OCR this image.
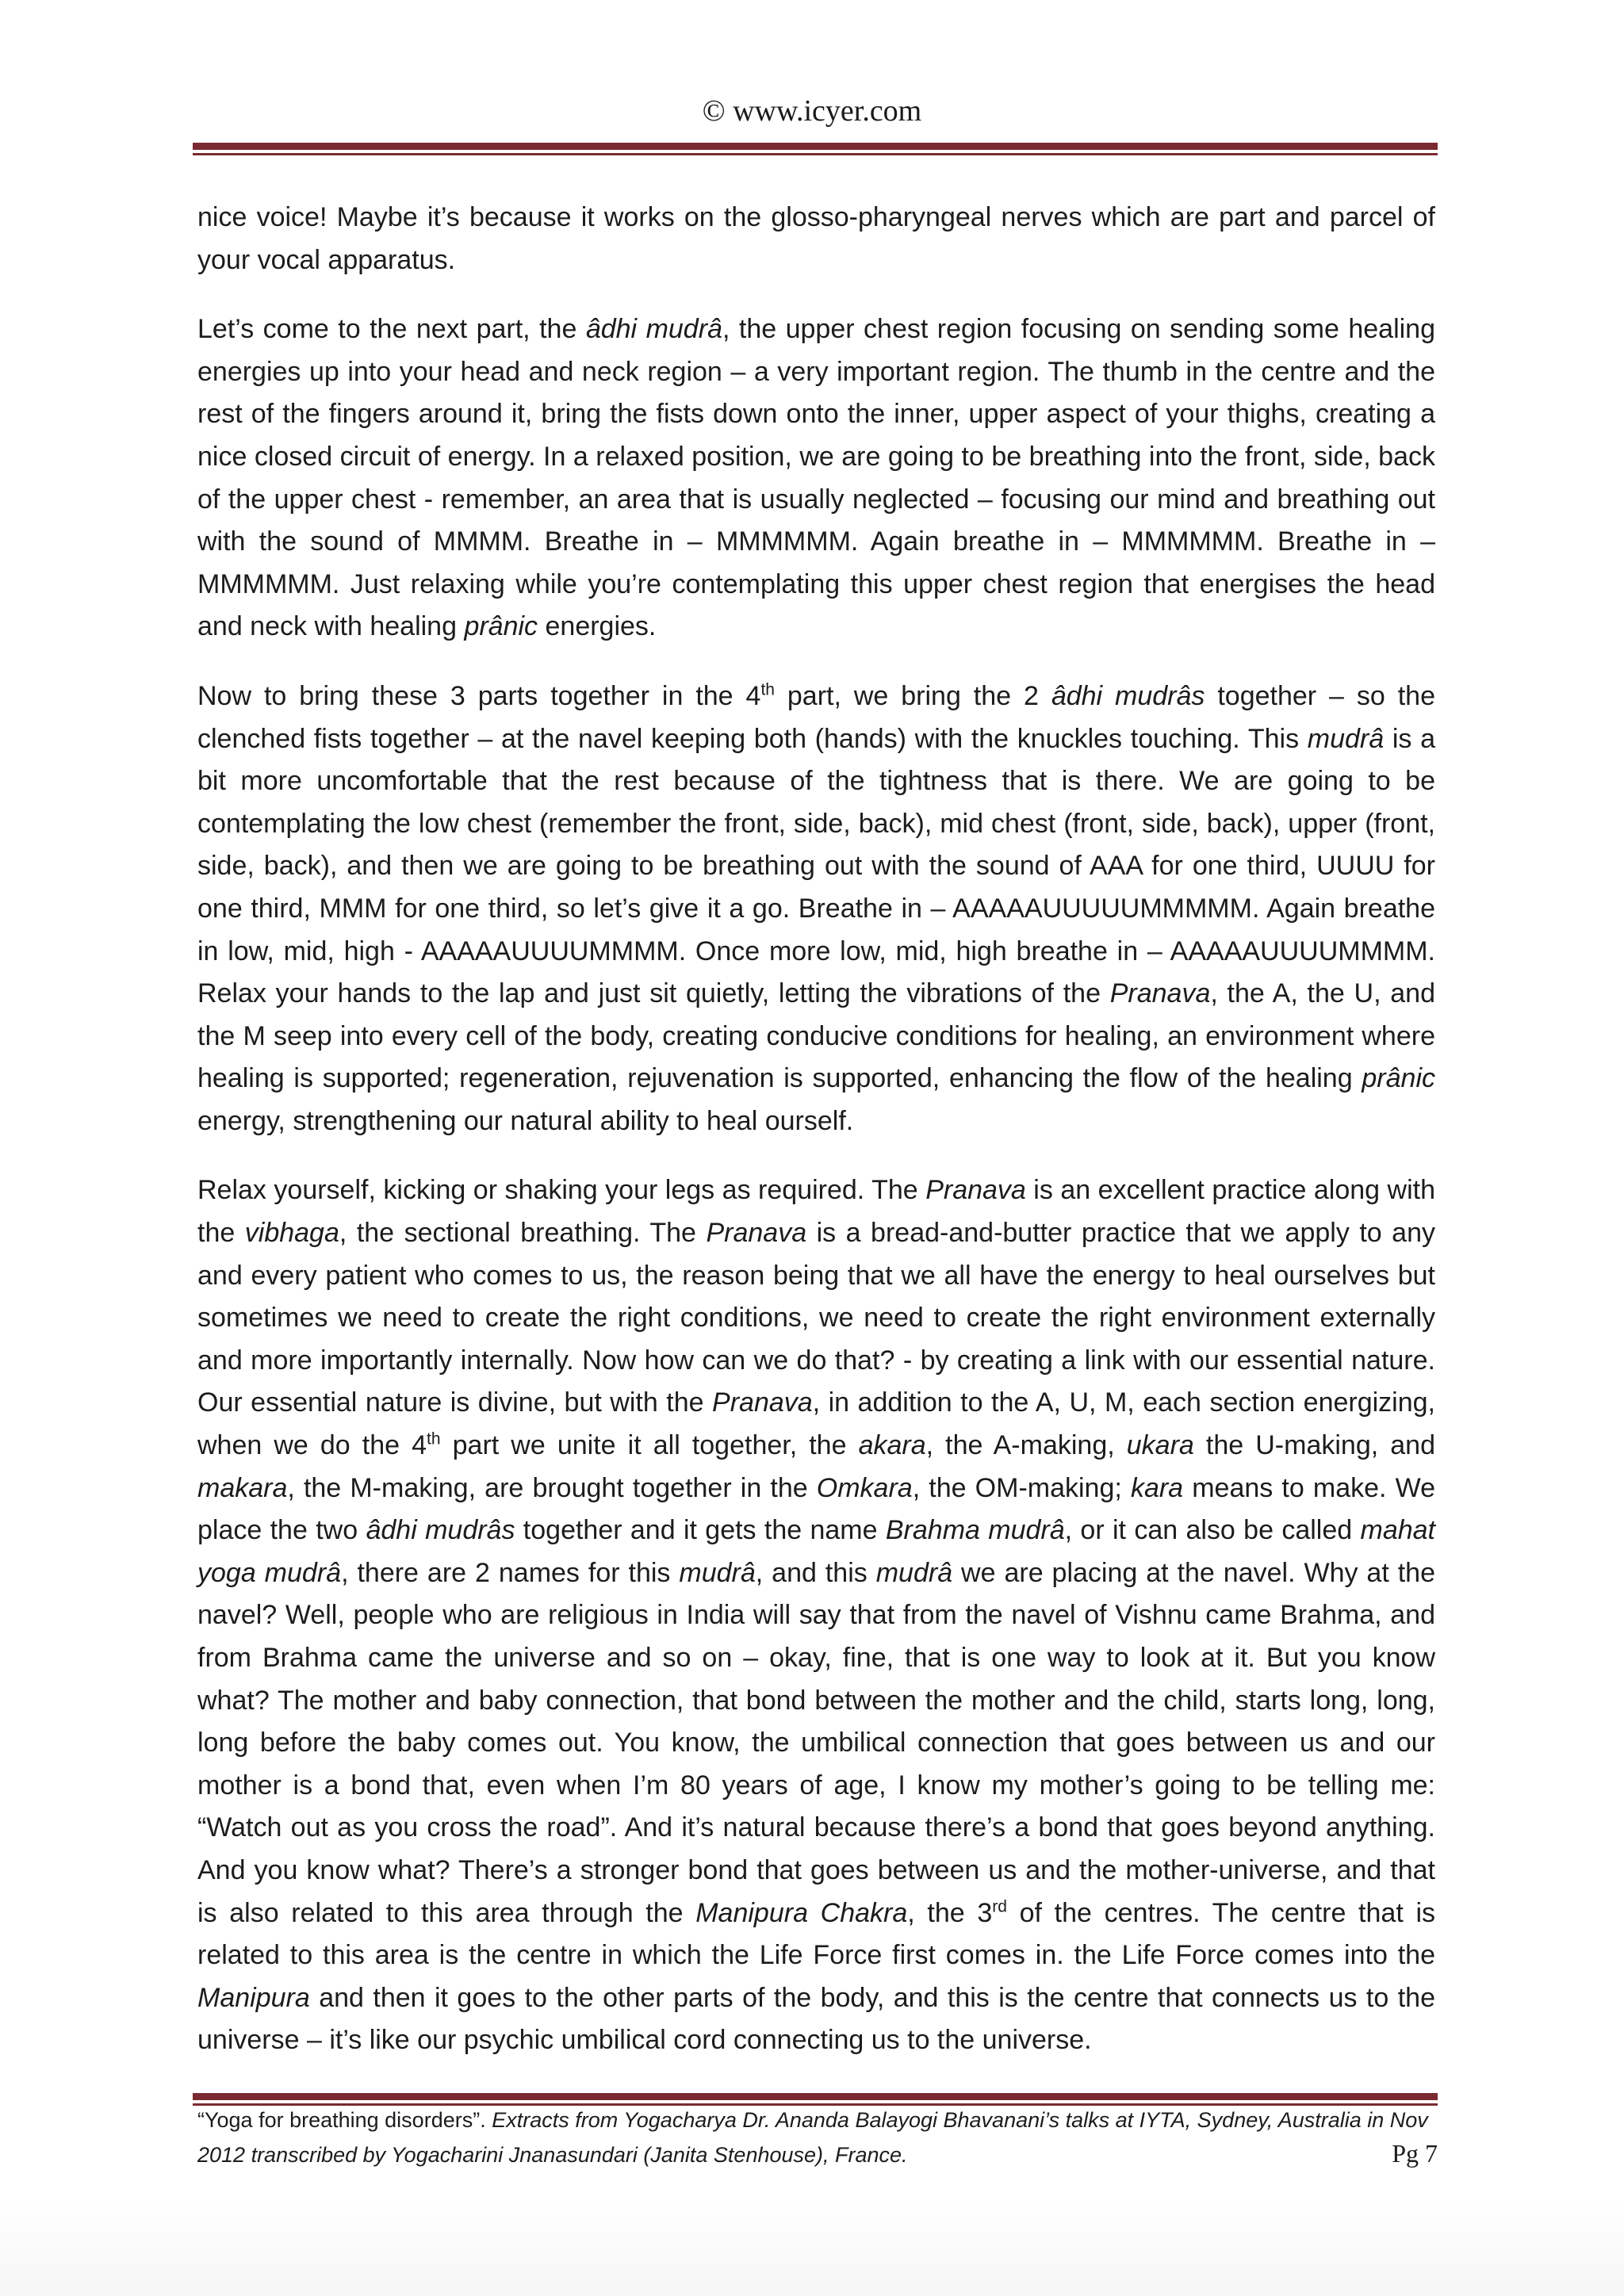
© www.icyer.com

nice voice! Maybe it’s because it works on the glosso-pharyngeal nerves which are part and parcel of your vocal apparatus.

Let’s come to the next part, the âdhi mudrâ, the upper chest region focusing on sending some healing energies up into your head and neck region – a very important region. The thumb in the centre and the rest of the fingers around it, bring the fists down onto the inner, upper aspect of your thighs, creating a nice closed circuit of energy. In a relaxed position, we are going to be breathing into the front, side, back of the upper chest - remember, an area that is usually neglected – focusing our mind and breathing out with the sound of MMMM. Breathe in – MMMMMM. Again breathe in – MMMMMM. Breathe in – MMMMMM. Just relaxing while you’re contemplating this upper chest region that energises the head and neck with healing prânic energies.

Now to bring these 3 parts together in the 4th part, we bring the 2 âdhi mudrâs together – so the clenched fists together – at the navel keeping both (hands) with the knuckles touching. This mudrâ is a bit more uncomfortable that the rest because of the tightness that is there. We are going to be contemplating the low chest (remember the front, side, back), mid chest (front, side, back), upper (front, side, back), and then we are going to be breathing out with the sound of AAA for one third, UUUU for one third, MMM for one third, so let’s give it a go. Breathe in – AAAAAUUUUUMMMMM. Again breathe in low, mid, high - AAAAAUUUUMMMM. Once more low, mid, high breathe in – AAAAAUUUUMMMM. Relax your hands to the lap and just sit quietly, letting the vibrations of the Pranava, the A, the U, and the M seep into every cell of the body, creating conducive conditions for healing, an environment where healing is supported; regeneration, rejuvenation is supported, enhancing the flow of the healing prânic energy, strengthening our natural ability to heal ourself.

Relax yourself, kicking or shaking your legs as required. The Pranava is an excellent practice along with the vibhaga, the sectional breathing. The Pranava is a bread-and-butter practice that we apply to any and every patient who comes to us, the reason being that we all have the energy to heal ourselves but sometimes we need to create the right conditions, we need to create the right environment externally and more importantly internally. Now how can we do that? - by creating a link with our essential nature. Our essential nature is divine, but with the Pranava, in addition to the A, U, M, each section energizing, when we do the 4th part we unite it all together, the akara, the A-making, ukara the U-making, and makara, the M-making, are brought together in the Omkara, the OM-making; kara means to make. We place the two âdhi mudrâs together and it gets the name Brahma mudrâ, or it can also be called mahat yoga mudrâ, there are 2 names for this mudrâ, and this mudrâ we are placing at the navel. Why at the navel? Well, people who are religious in India will say that from the navel of Vishnu came Brahma, and from Brahma came the universe and so on – okay, fine, that is one way to look at it. But you know what? The mother and baby connection, that bond between the mother and the child, starts long, long, long before the baby comes out. You know, the umbilical connection that goes between us and our mother is a bond that, even when I’m 80 years of age, I know my mother’s going to be telling me: “Watch out as you cross the road”. And it’s natural because there’s a bond that goes beyond anything. And you know what? There’s a stronger bond that goes between us and the mother-universe, and that is also related to this area through the Manipura Chakra, the 3rd of the centres. The centre that is related to this area is the centre in which the Life Force first comes in. the Life Force comes into the Manipura and then it goes to the other parts of the body, and this is the centre that connects us to the universe – it’s like our psychic umbilical cord connecting us to the universe.

“Yoga for breathing disorders”. Extracts from Yogacharya Dr. Ananda Balayogi Bhavanani’s talks at IYTA, Sydney, Australia in Nov 2012 transcribed by Yogacharini Jnanasundari (Janita Stenhouse), France.	Pg 7
